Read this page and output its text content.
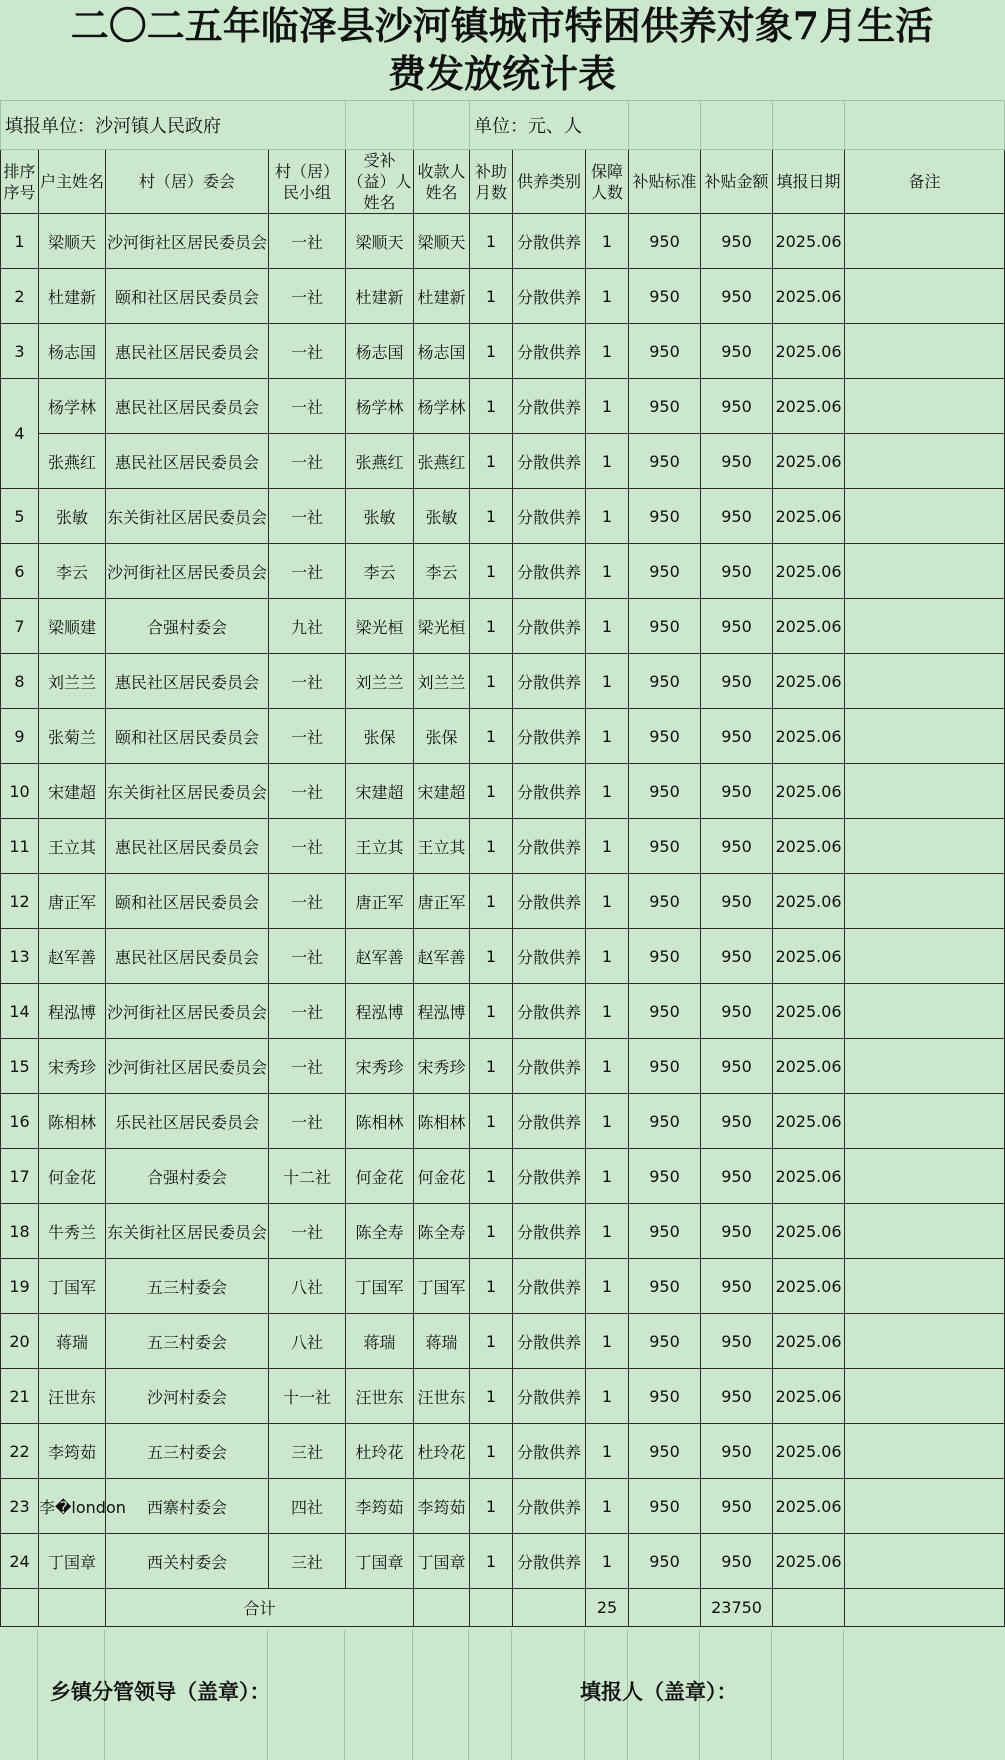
二〇二五年临泽县沙河镇城市特困供养对象7月生活
费发放统计表
填报单位：沙河镇人民政府						单位：元、人						
排序序号	户主姓名	村（居）委会	村（居）民小组	受补（益）人姓名	收款人姓名	补助月数	供养类别	保障人数	补贴标准	补贴金额	填报日期	备注
1	梁顺天	沙河街社区居民委员会	一社	梁顺天	梁顺天	1	分散供养	1	950	950	2025.06	
2	杜建新	颐和社区居民委员会	一社	杜建新	杜建新	1	分散供养	1	950	950	2025.06	
3	杨志国	惠民社区居民委员会	一社	杨志国	杨志国	1	分散供养	1	950	950	2025.06	
4	杨学林	惠民社区居民委员会	一社	杨学林	杨学林	1	分散供养	1	950	950	2025.06	
	张燕红	惠民社区居民委员会	一社	张燕红	张燕红	1	分散供养	1	950	950	2025.06	
5	张敏	东关街社区居民委员会	一社	张敏	张敏	1	分散供养	1	950	950	2025.06	
6	李云	沙河街社区居民委员会	一社	李云	李云	1	分散供养	1	950	950	2025.06	
7	梁顺建	合强村委会	九社	梁光桓	梁光桓	1	分散供养	1	950	950	2025.06	
8	刘兰兰	惠民社区居民委员会	一社	刘兰兰	刘兰兰	1	分散供养	1	950	950	2025.06	
9	张菊兰	颐和社区居民委员会	一社	张保	张保	1	分散供养	1	950	950	2025.06	
10	宋建超	东关街社区居民委员会	一社	宋建超	宋建超	1	分散供养	1	950	950	2025.06	
11	王立其	惠民社区居民委员会	一社	王立其	王立其	1	分散供养	1	950	950	2025.06	
12	唐正军	颐和社区居民委员会	一社	唐正军	唐正军	1	分散供养	1	950	950	2025.06	
13	赵军善	惠民社区居民委员会	一社	赵军善	赵军善	1	分散供养	1	950	950	2025.06	
14	程泓博	沙河街社区居民委员会	一社	程泓博	程泓博	1	分散供养	1	950	950	2025.06	
15	宋秀珍	沙河街社区居民委员会	一社	宋秀珍	宋秀珍	1	分散供养	1	950	950	2025.06	
16	陈相林	乐民社区居民委员会	一社	陈相林	陈相林	1	分散供养	1	950	950	2025.06	
17	何金花	合强村委会	十二社	何金花	何金花	1	分散供养	1	950	950	2025.06	
18	牛秀兰	东关街社区居民委员会	一社	陈全寿	陈全寿	1	分散供养	1	950	950	2025.06	
19	丁国军	五三村委会	八社	丁国军	丁国军	1	分散供养	1	950	950	2025.06	
20	蒋瑞	五三村委会	八社	蒋瑞	蒋瑞	1	分散供养	1	950	950	2025.06	
21	汪世东	沙河村委会	十一社	汪世东	汪世东	1	分散供养	1	950	950	2025.06	
22	李筠茹	五三村委会	三社	杜玲花	杜玲花	1	分散供养	1	950	950	2025.06	
23	李�london	西寨村委会	四社	李筠茹	李筠茹	1	分散供养	1	950	950	2025.06	
24	丁国章	西关村委会	三社	丁国章	丁国章	1	分散供养	1	950	950	2025.06	
		合计						25		23750		
乡镇分管领导（盖章）：	填报人（盖章）：
